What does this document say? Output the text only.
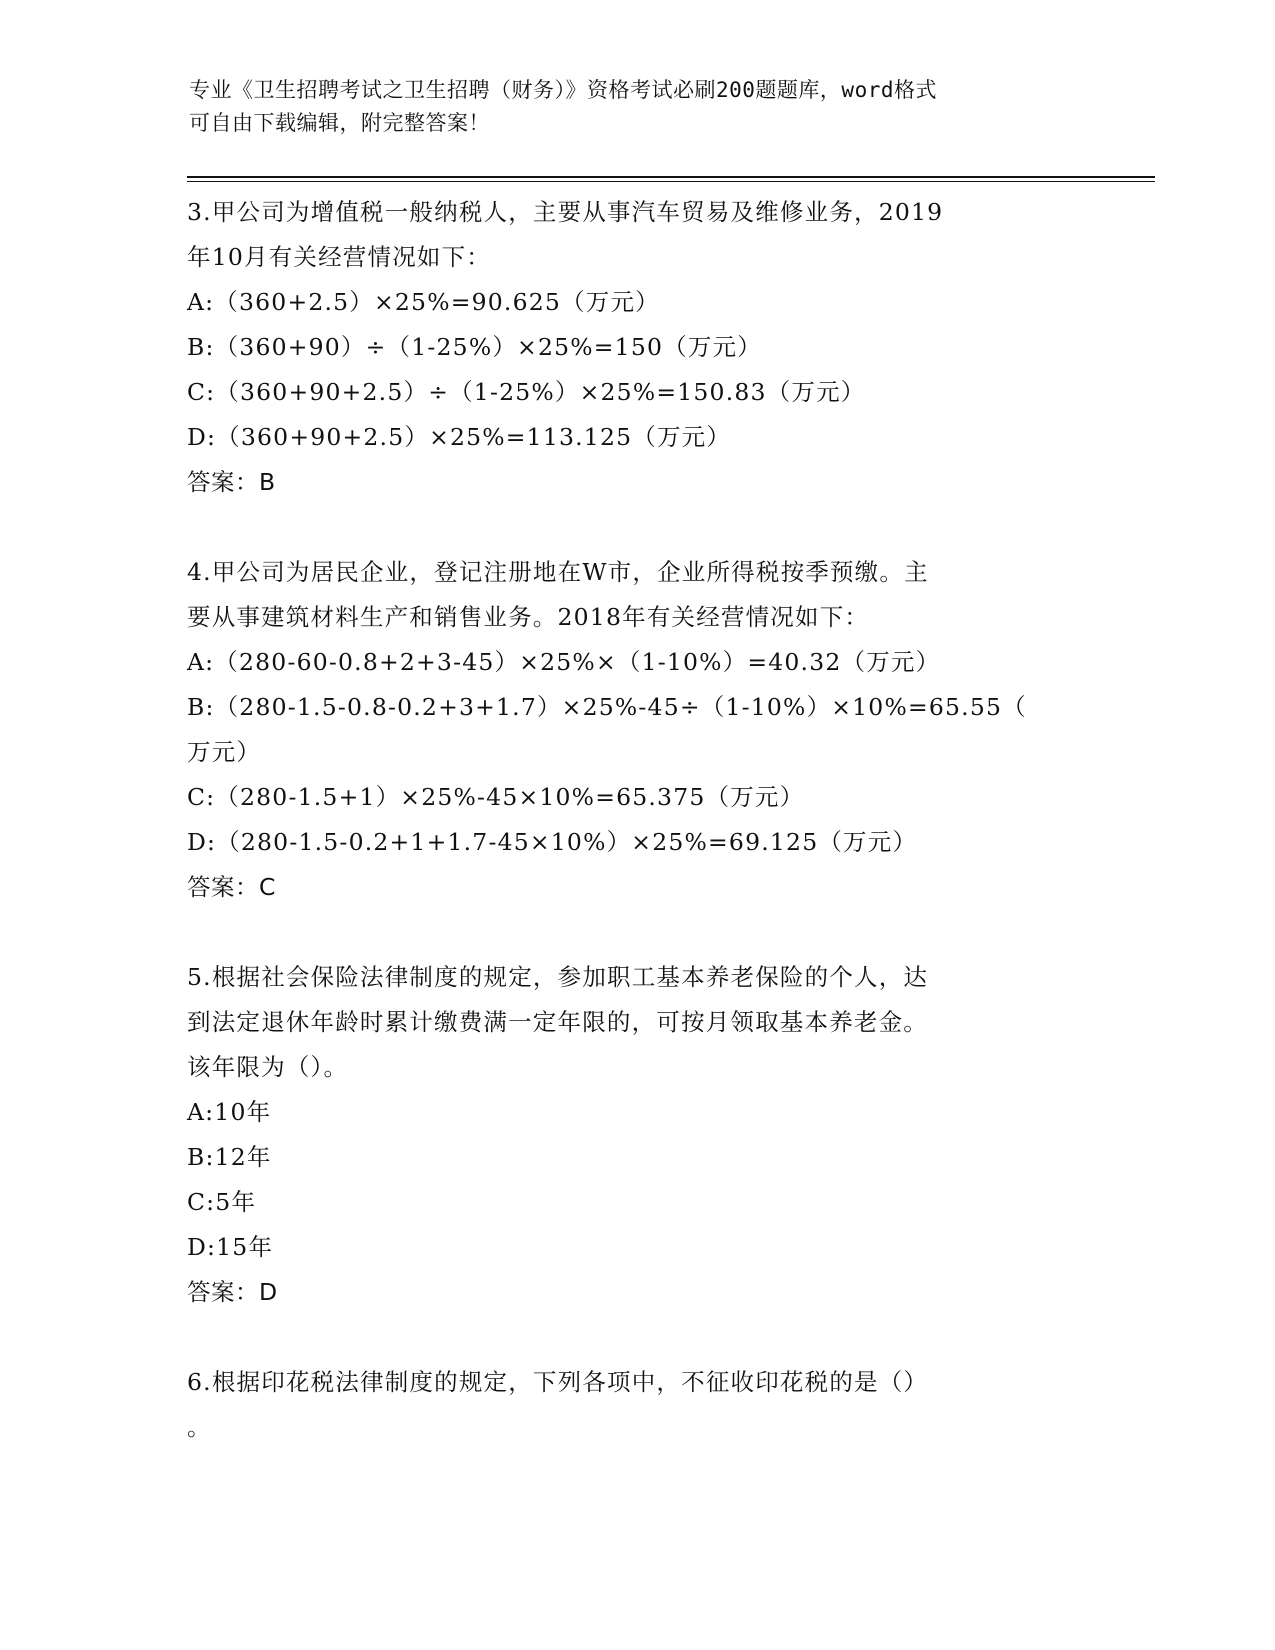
专业《卫生招聘考试之卫生招聘（财务）》资格考试必刷200题题库，word格式
可自由下载编辑，附完整答案！

3.甲公司为增值税一般纳税人，主要从事汽车贸易及维修业务，2019

年10月有关经营情况如下：

A:（360+2.5）×25%=90.625（万元）

B:（360+90）÷（1-25%）×25%=150（万元）

C:（360+90+2.5）÷（1-25%）×25%=150.83（万元）

D:（360+90+2.5）×25%=113.125（万元）

答案：B

4.甲公司为居民企业，登记注册地在W市，企业所得税按季预缴。主

要从事建筑材料生产和销售业务。2018年有关经营情况如下：

A:（280-60-0.8+2+3-45）×25%×（1-10%）=40.32（万元）

B:（280-1.5-0.8-0.2+3+1.7）×25%-45÷（1-10%）×10%=65.55（

万元）

C:（280-1.5+1）×25%-45×10%=65.375（万元）

D:（280-1.5-0.2+1+1.7-45×10%）×25%=69.125（万元）

答案：C

5.根据社会保险法律制度的规定，参加职工基本养老保险的个人，达

到法定退休年龄时累计缴费满一定年限的，可按月领取基本养老金。

该年限为（）。

A:10年

B:12年

C:5年

D:15年

答案：D

6.根据印花税法律制度的规定，下列各项中，不征收印花税的是（）

。
